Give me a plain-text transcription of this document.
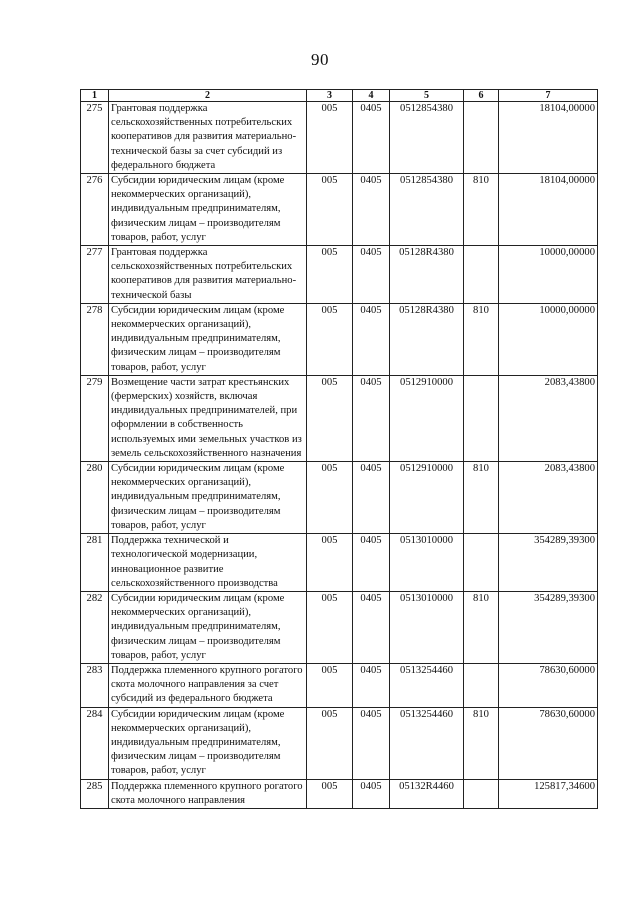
90
1	2	3	4	5	6	7
275	Грантовая поддержка сельскохозяйственных потребительских кооперативов для развития материально-технической базы за счет субсидий из федерального бюджета	005	0405	0512854380		18104,00000
276	Субсидии юридическим лицам (кроме некоммерческих организаций), индивидуальным предпринимателям, физическим лицам – производителям товаров, работ, услуг	005	0405	0512854380	810	18104,00000
277	Грантовая поддержка сельскохозяйственных потребительских кооперативов для развития материально-технической базы	005	0405	05128R4380		10000,00000
278	Субсидии юридическим лицам (кроме некоммерческих организаций), индивидуальным предпринимателям, физическим лицам – производителям товаров, работ, услуг	005	0405	05128R4380	810	10000,00000
279	Возмещение части затрат крестьянских (фермерских) хозяйств, включая индивидуальных предпринимателей, при оформлении в собственность используемых ими земельных участков из земель сельскохозяйственного назначения	005	0405	0512910000		2083,43800
280	Субсидии юридическим лицам (кроме некоммерческих организаций), индивидуальным предпринимателям, физическим лицам – производителям товаров, работ, услуг	005	0405	0512910000	810	2083,43800
281	Поддержка технической и технологической модернизации, инновационное развитие сельскохозяйственного производства	005	0405	0513010000		354289,39300
282	Субсидии юридическим лицам (кроме некоммерческих организаций), индивидуальным предпринимателям, физическим лицам – производителям товаров, работ, услуг	005	0405	0513010000	810	354289,39300
283	Поддержка племенного крупного рогатого скота молочного направления за счет субсидий из федерального бюджета	005	0405	0513254460		78630,60000
284	Субсидии юридическим лицам (кроме некоммерческих организаций), индивидуальным предпринимателям, физическим лицам – производителям товаров, работ, услуг	005	0405	0513254460	810	78630,60000
285	Поддержка племенного крупного рогатого скота молочного направления	005	0405	05132R4460		125817,34600
